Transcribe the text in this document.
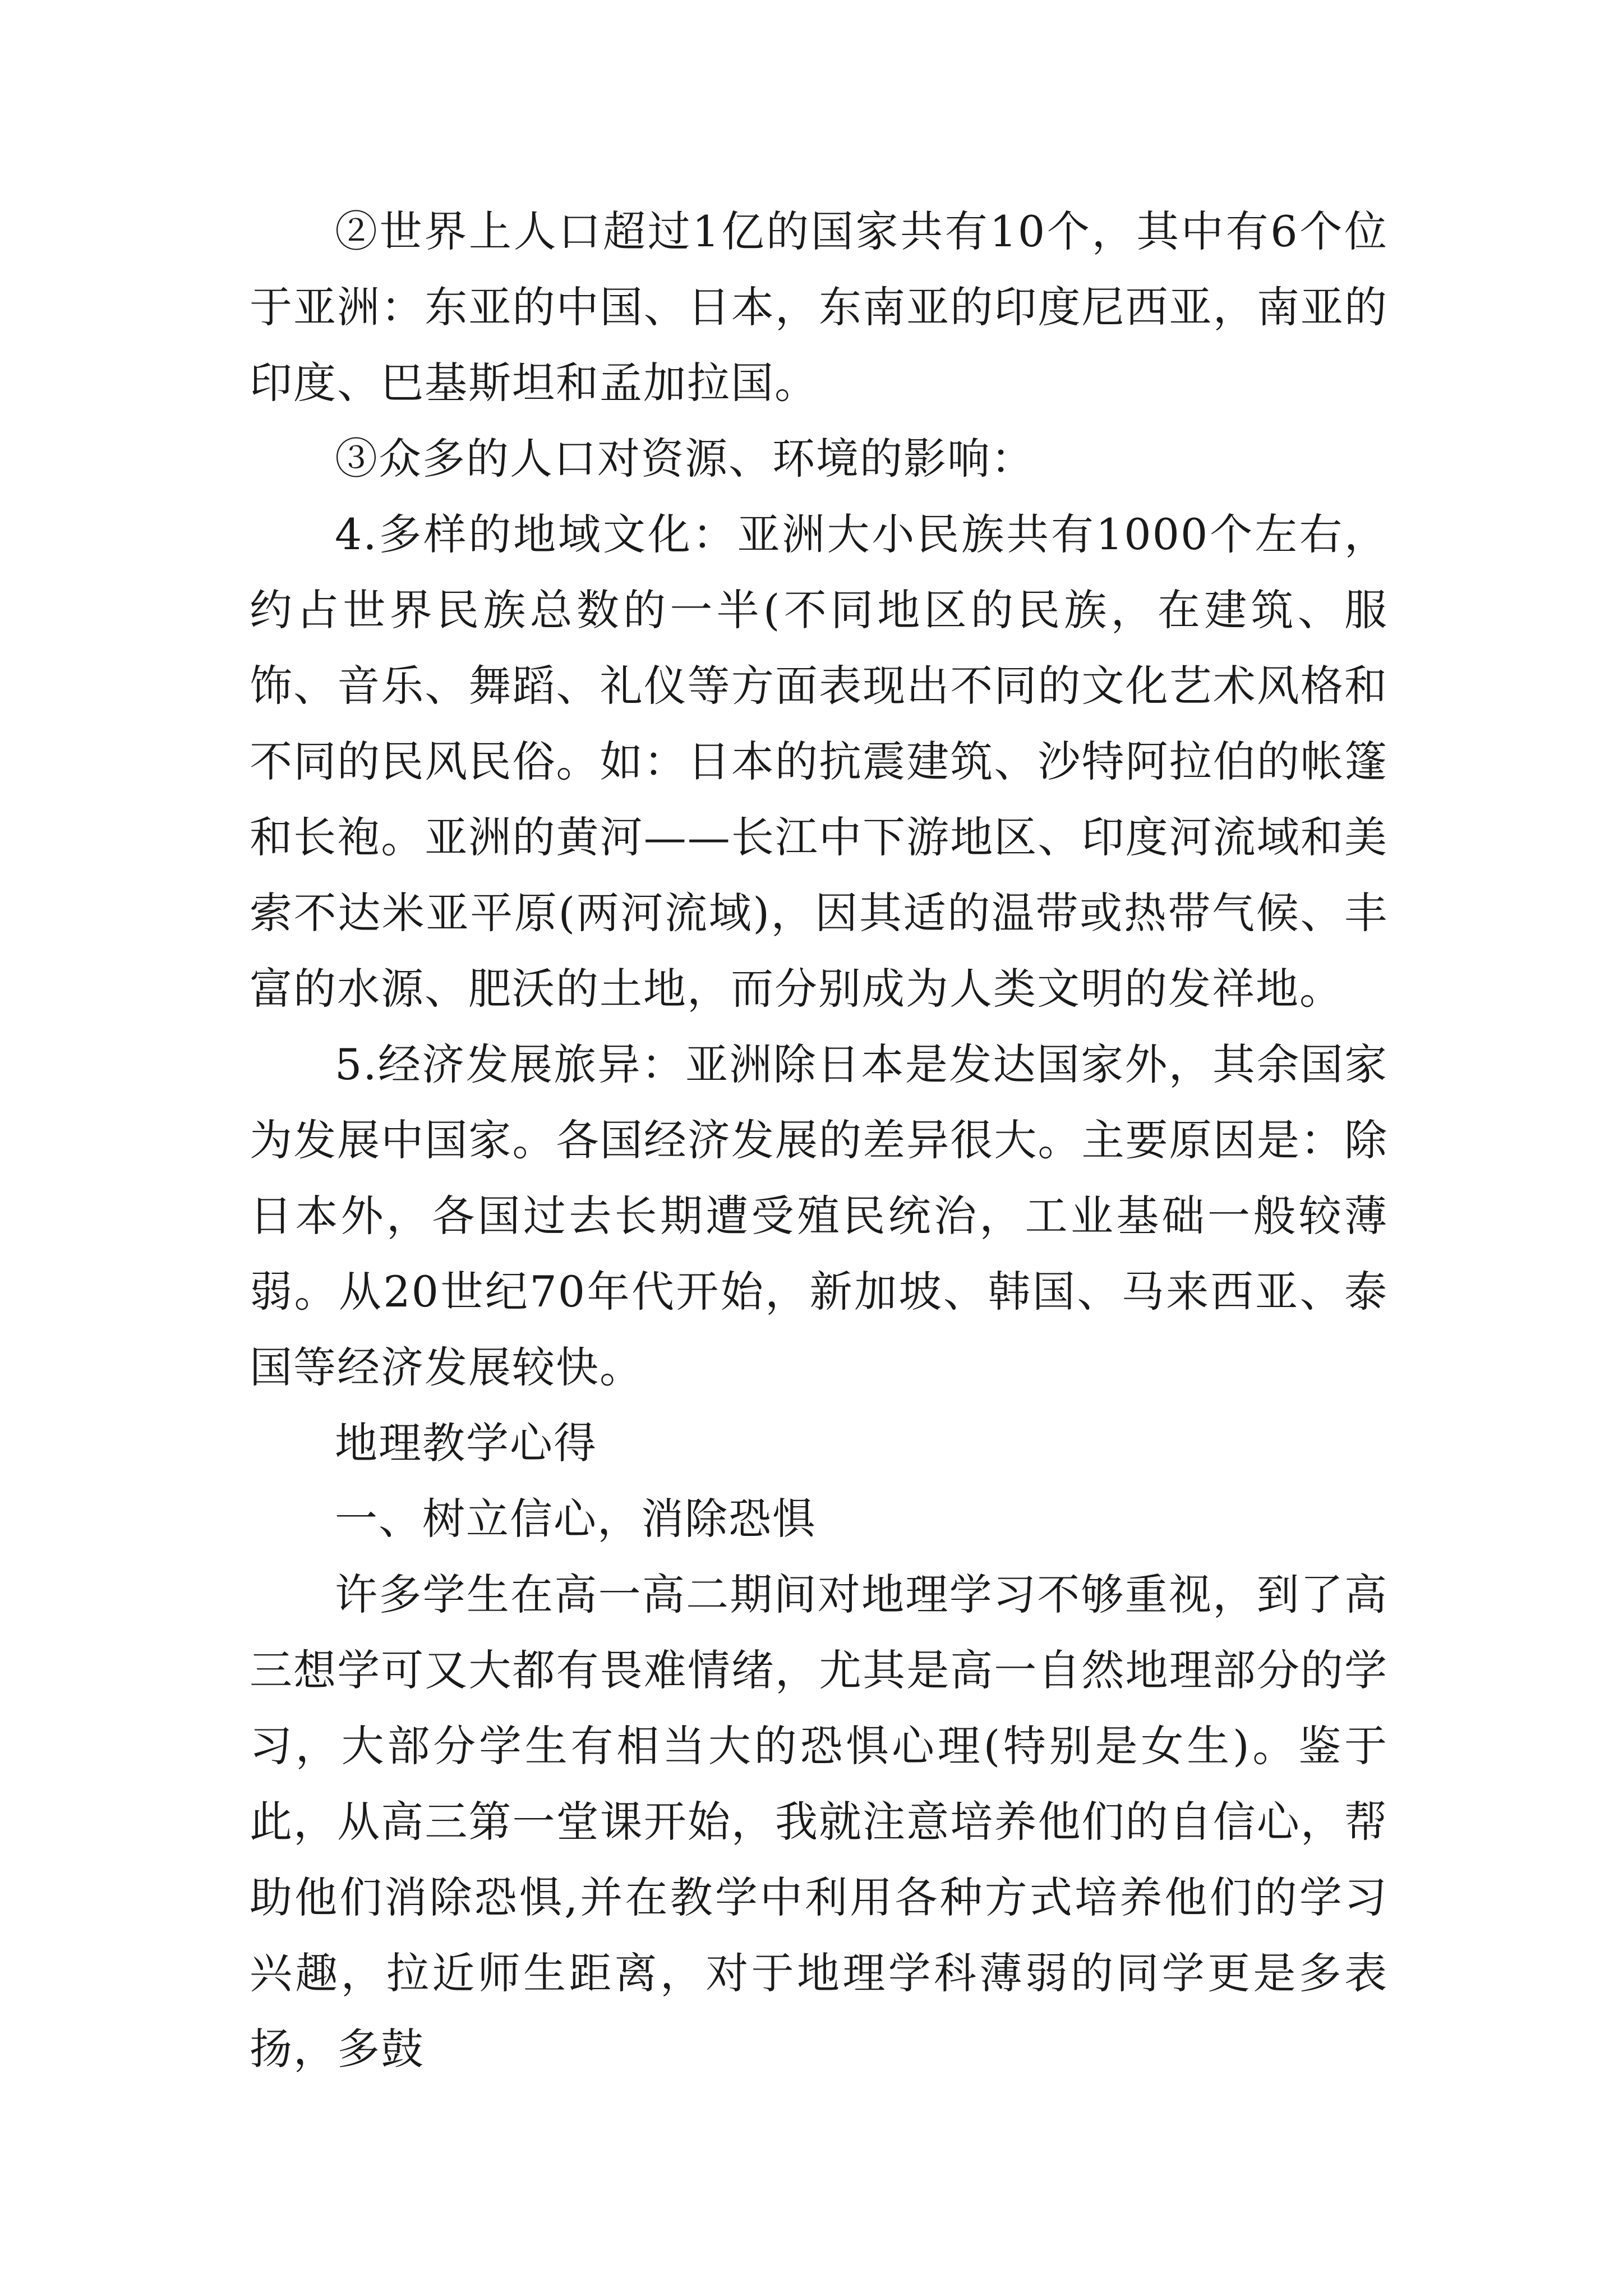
②世界上人口超过1亿的国家共有10个，其中有6个位于亚洲：东亚的中国、日本，东南亚的印度尼西亚，南亚的印度、巴基斯坦和孟加拉国。

③众多的人口对资源、环境的影响：

4.多样的地域文化：亚洲大小民族共有1000个左右，约占世界民族总数的一半(不同地区的民族，在建筑、服饰、音乐、舞蹈、礼仪等方面表现出不同的文化艺术风格和不同的民风民俗。如：日本的抗震建筑、沙特阿拉伯的帐篷和长袍。亚洲的黄河——长江中下游地区、印度河流域和美索不达米亚平原(两河流域)，因其适的温带或热带气候、丰富的水源、肥沃的土地，而分别成为人类文明的发祥地。

5.经济发展旅异：亚洲除日本是发达国家外，其余国家为发展中国家。各国经济发展的差异很大。主要原因是：除日本外，各国过去长期遭受殖民统治，工业基础一般较薄弱。从20世纪70年代开始，新加坡、韩国、马来西亚、泰国等经济发展较快。

地理教学心得

一、树立信心，消除恐惧

许多学生在高一高二期间对地理学习不够重视，到了高三想学可又大都有畏难情绪，尤其是高一自然地理部分的学习，大部分学生有相当大的恐惧心理(特别是女生)。鉴于此，从高三第一堂课开始，我就注意培养他们的自信心，帮助他们消除恐惧,并在教学中利用各种方式培养他们的学习兴趣，拉近师生距离，对于地理学科薄弱的同学更是多表扬，多鼓
